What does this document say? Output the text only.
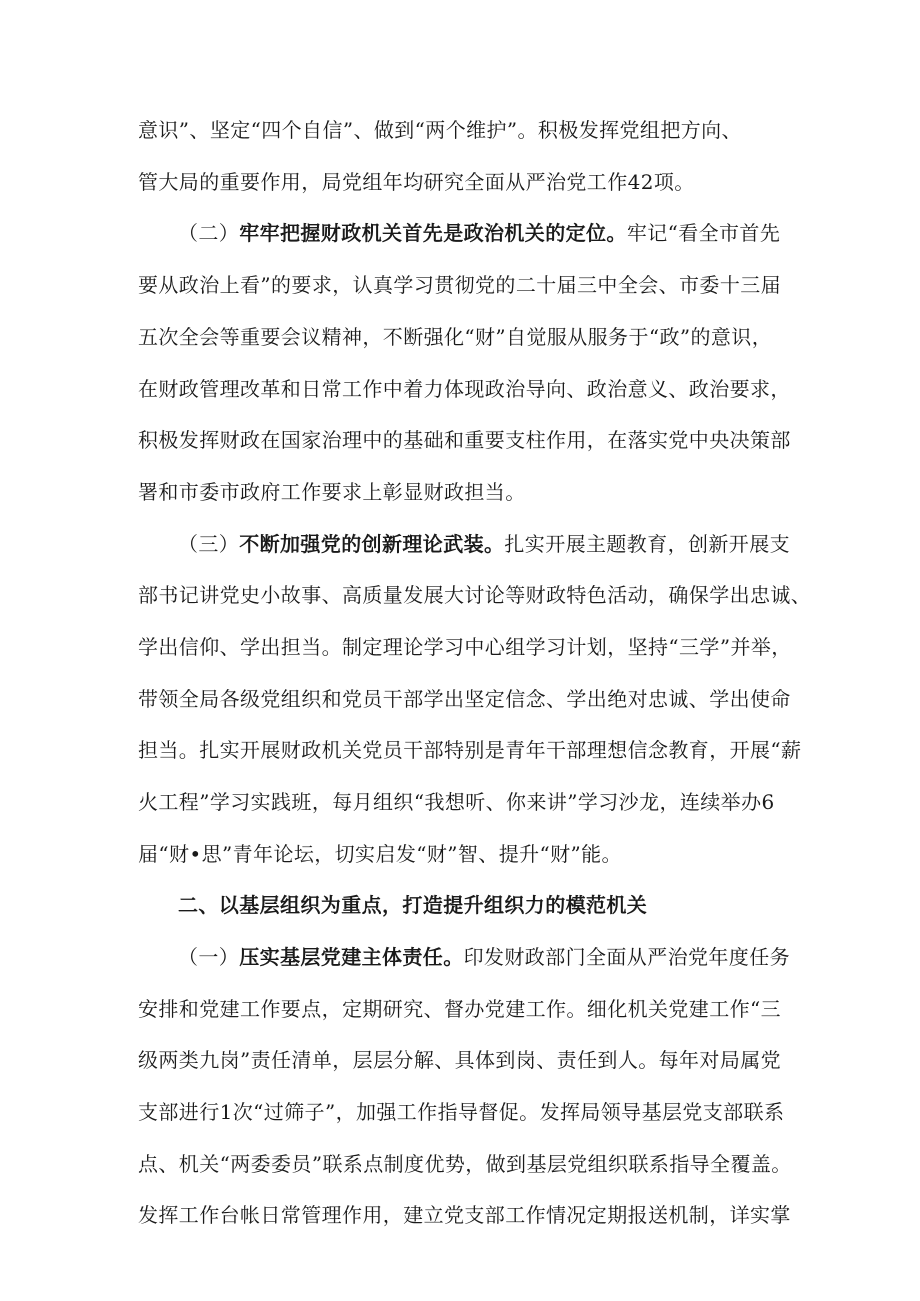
意识”、坚定“四个自信”、做到“两个维护”。积极发挥党组把方向、
管大局的重要作用，局党组年均研究全面从严治党工作42项。
（二）牢牢把握财政机关首先是政治机关的定位。牢记“看全市首先
要从政治上看”的要求，认真学习贯彻党的二十届三中全会、市委十三届
五次全会等重要会议精神，不断强化“财”自觉服从服务于“政”的意识，
在财政管理改革和日常工作中着力体现政治导向、政治意义、政治要求，
积极发挥财政在国家治理中的基础和重要支柱作用，在落实党中央决策部
署和市委市政府工作要求上彰显财政担当。
（三）不断加强党的创新理论武装。扎实开展主题教育，创新开展支
部书记讲党史小故事、高质量发展大讨论等财政特色活动，确保学出忠诚、
学出信仰、学出担当。制定理论学习中心组学习计划，坚持“三学”并举，
带领全局各级党组织和党员干部学出坚定信念、学出绝对忠诚、学出使命
担当。扎实开展财政机关党员干部特别是青年干部理想信念教育，开展“薪
火工程”学习实践班，每月组织“我想听、你来讲”学习沙龙，连续举办6
届“财•思”青年论坛，切实启发“财”智、提升“财”能。
二、以基层组织为重点，打造提升组织力的模范机关
（一）压实基层党建主体责任。印发财政部门全面从严治党年度任务
安排和党建工作要点，定期研究、督办党建工作。细化机关党建工作“三
级两类九岗”责任清单，层层分解、具体到岗、责任到人。每年对局属党
支部进行1次“过筛子”，加强工作指导督促。发挥局领导基层党支部联系
点、机关“两委委员”联系点制度优势，做到基层党组织联系指导全覆盖。
发挥工作台帐日常管理作用，建立党支部工作情况定期报送机制，详实掌
